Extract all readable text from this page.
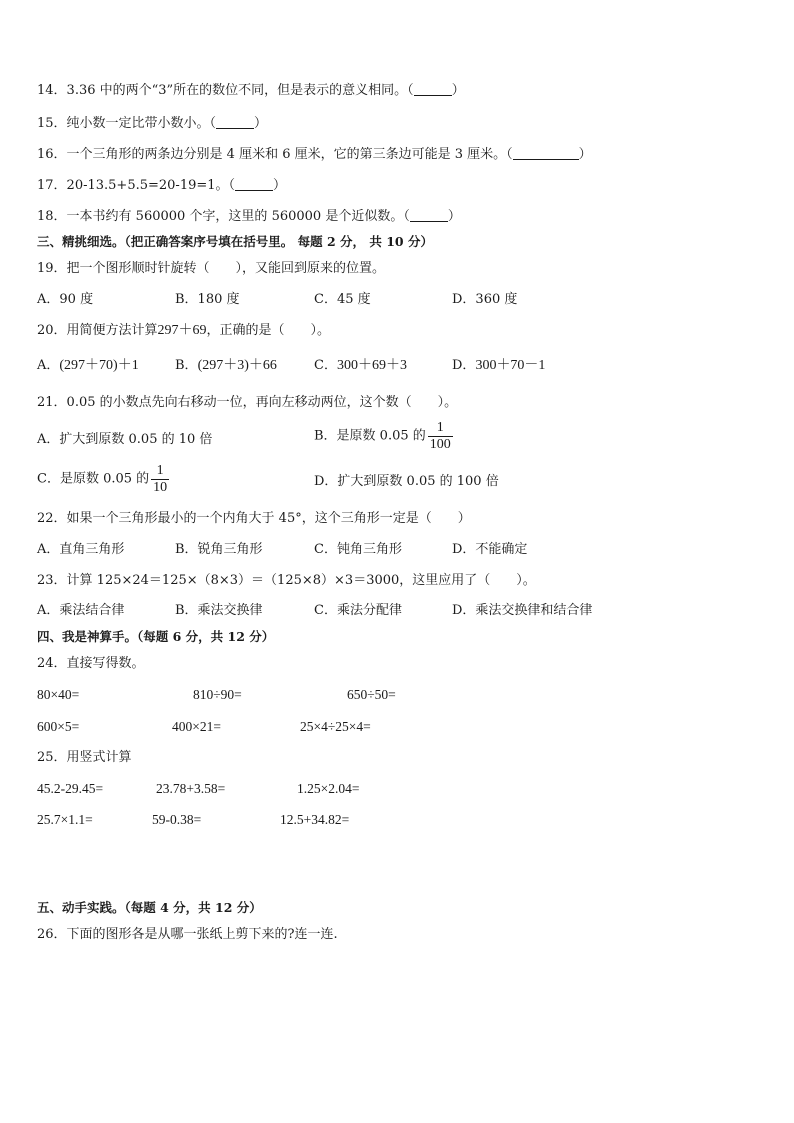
14．3.36 中的两个“3”所在的数位不同，但是表示的意义相同。（	）
15．纯小数一定比带小数小。（	）
16．一个三角形的两条边分别是 4 厘米和 6 厘米，它的第三条边可能是 3 厘米。（	）
17．20-13.5+5.5=20-19=1。（	）
18．一本书约有 560000 个字，这里的 560000 是个近似数。（	）
三、精挑细选。（把正确答案序号填在括号里。 每题 2 分， 共 10 分）
19．把一个图形顺时针旋转（　　），又能回到原来的位置。
A．90 度	B．180 度	C．45 度	D．360 度
20．用简便方法计算297＋69，正确的是（　　）。
A．(297＋70)＋1	B．(297＋3)＋66	C．300＋69＋3	D．300＋70－1
21．0.05 的小数点先向右移动一位，再向左移动两位，这个数（　　）。
A．扩大到原数 0.05 的 10 倍	B．是原数 0.05 的 $\frac{1}{100}$
C．是原数 0.05 的 $\frac{1}{10}$	D．扩大到原数 0.05 的 100 倍
22．如果一个三角形最小的一个内角大于 45°，这个三角形一定是（　　）
A．直角三角形	B．锐角三角形	C．钝角三角形	D．不能确定
23．计算 125×24＝125×（8×3）＝（125×8）×3＝3000，这里应用了（　　）。
A．乘法结合律	B．乘法交换律	C．乘法分配律	D．乘法交换律和结合律
四、我是神算手。（每题 6 分，共 12 分）
24．直接写得数。
80×40=	810÷90=	650÷50=
600×5=	400×21=	25×4÷25×4=
25．用竖式计算
45.2-29.45=	23.78+3.58=	1.25×2.04=
25.7×1.1=	59-0.38=	12.5+34.82=
五、动手实践。（每题 4 分，共 12 分）
26．下面的图形各是从哪一张纸上剪下来的?连一连.
